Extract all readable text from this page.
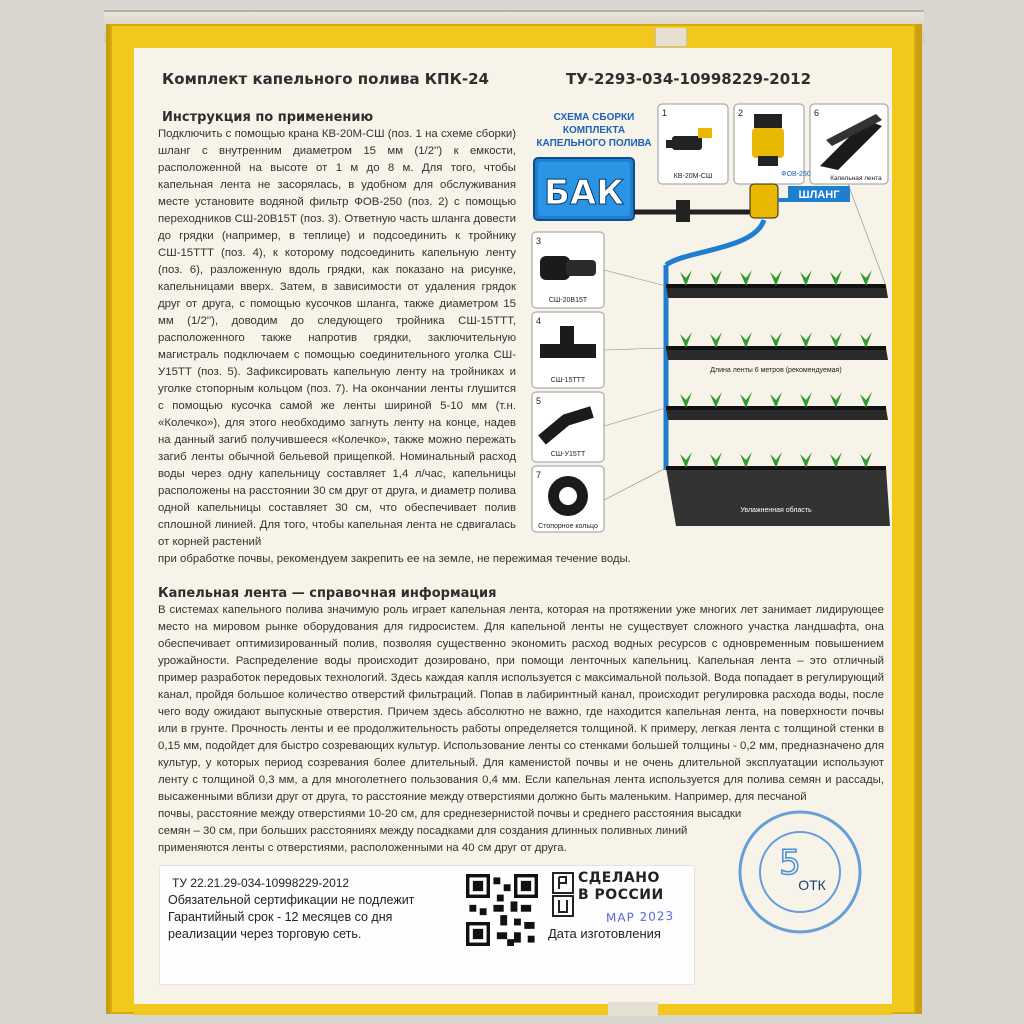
Комплект капельного полива КПК-24	ТУ-2293-034-10998229-2012
Инструкция по применению
Подключить с помощью крана КВ-20М-СШ (поз. 1 на схеме сборки) шланг с внутренним диаметром 15 мм (1/2'') к емкости, расположенной на высоте от 1 м до 8 м. Для того, чтобы капельная лента не засорялась, в удобном для обслуживания месте установите водяной фильтр ФОВ-250 (поз. 2) с помощью переходников СШ-20В15Т (поз. 3). Ответную часть шланга довести до грядки (например, в теплице) и подсоединить к тройнику СШ-15ТТТ (поз. 4), к которому подсоединить капельную ленту (поз. 6), разложенную вдоль грядки, как показано на рисунке, капельницами вверх. Затем, в зависимости от удаления грядок друг от друга, с помощью кусочков шланга, также диаметром 15 мм (1/2''), доводим до следующего тройника СШ-15ТТТ, расположенного также напротив грядки, заключительную магистраль подключаем с помощью соединительного уголка СШ-У15ТТ (поз. 5). Зафиксировать капельную ленту на тройниках и уголке стопорным кольцом (поз. 7). На окончании ленты глушится с помощью кусочка самой же ленты шириной 5-10 мм (т.н. «Колечко»), для этого необходимо загнуть ленту на конце, надев на данный загиб получившееся «Колечко», также можно пережать загиб ленты обычной бельевой прищепкой. Номинальный расход воды через одну капельницу составляет 1,4 л/час, капельницы расположены на расстоянии 30 см друг от друга, и диаметр полива одной капельницы составляет 30 см, что обеспечивает полив сплошной линией. Для того, чтобы капельная лента не сдвигалась от корней растений
при обработке почвы, рекомендуем закрепить ее на земле, не пережимая течение воды.
СХЕМА СБОРКИ
КОМПЛЕКТА
КАПЕЛЬНОГО ПОЛИВА
БАК
1
КВ-20М-СШ
2	6
Капельная лента
ФОВ-250
ШЛАНГ
3
СШ-20В15Т
4
СШ-15ТТТ
5
СШ-У15ТТ
7
Стопорное кольцо
Длина ленты 6 метров (рекомендуемая)
Увлажненная область
Капельная лента — справочная информация
В системах капельного полива значимую роль играет капельная лента, которая на протяжении уже многих лет занимает лидирующее место на мировом рынке оборудования для гидросистем. Для капельной ленты не существует сложного участка ландшафта, она обеспечивает оптимизированный полив, позволяя существенно экономить расход водных ресурсов с одновременным повышением урожайности. Распределение воды происходит дозировано, при помощи ленточных капельниц. Капельная лента – это отличный пример разработок передовых технологий. Здесь каждая капля используется с максимальной пользой. Вода попадает в регулирующий канал, пройдя большое количество отверстий фильтраций. Попав в лабиринтный канал, происходит регулировка расхода воды, после чего воду ожидают выпускные отверстия. Причем здесь абсолютно не важно, где находится капельная лента, на поверхности почвы или в грунте. Прочность ленты и ее продолжительность работы определяется толщиной. К примеру, легкая лента с толщиной стенки в 0,15 мм, подойдет для быстро созревающих культур. Использование ленты со стенками большей толщины - 0,2 мм, предназначено для культур, у которых период созревания более длительный. Для каменистой почвы и не очень длительной эксплуатации используют ленту с толщиной 0,3 мм, а для многолетнего пользования 0,4 мм. Если капельная лента используется для полива семян и рассады, высаженными вблизи друг от друга, то расстояние между отверстиями должно быть маленьким. Например, для песчаной
почвы, расстояние между отверстиями 10-20 см, для среднезернистой почвы и среднего расстояния высадки семян – 30 см, при больших расстояниях между посадками для создания длинных поливных линий применяются ленты с отверстиями, расположенными на 40 см друг от друга.
ТУ 22.21.29-034-10998229-2012
Обязательной сертификации не подлежит
Гарантийный срок - 12 месяцев со дня
реализации через торговую сеть.
СДЕЛАНО
В РОССИИ
МАР 2023
Дата изготовления
5
ОТК
